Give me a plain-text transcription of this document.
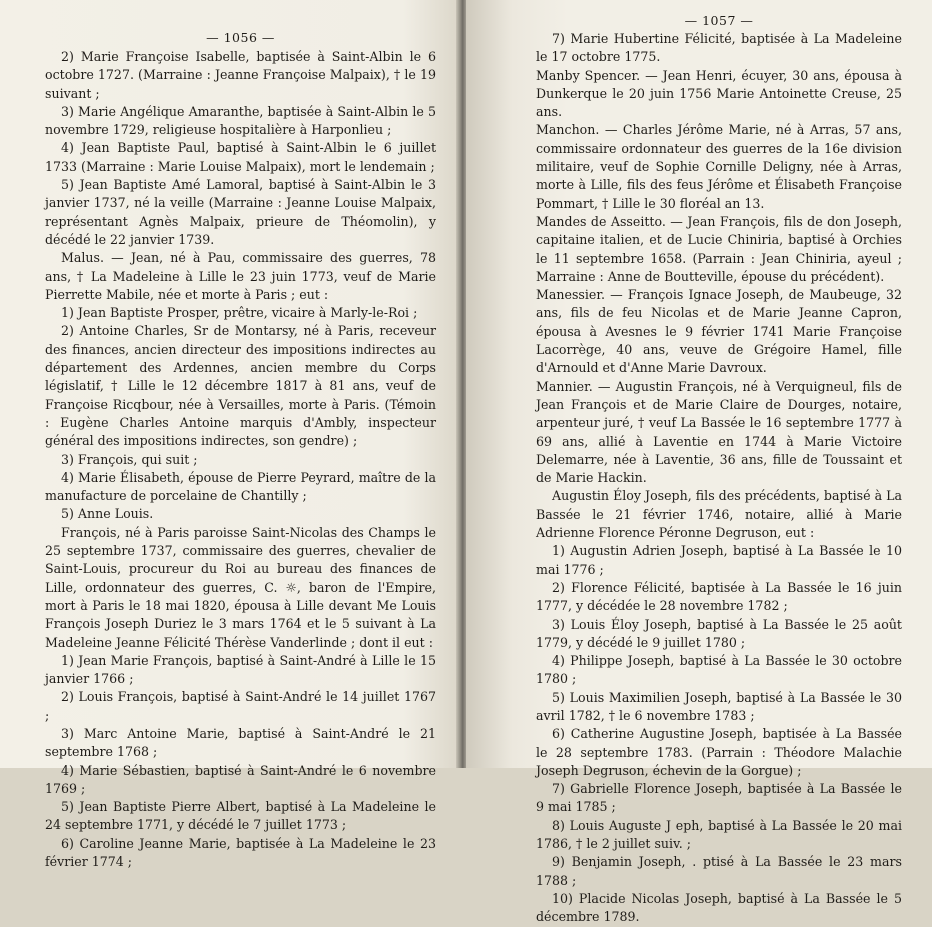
— 1056 —

2) Marie Françoise Isabelle, baptisée à Saint-Albin le 6 octobre 1727. (Marraine : Jeanne Françoise Malpaix), † le 19 suivant ;

3) Marie Angélique Amaranthe, baptisée à Saint-Albin le 5 novembre 1729, religieuse hospitalière à Harponlieu ;

4) Jean Baptiste Paul, baptisé à Saint-Albin le 6 juillet 1733 (Marraine : Marie Louise Malpaix), mort le lendemain ;

5) Jean Baptiste Amé Lamoral, baptisé à Saint-Albin le 3 janvier 1737, né la veille (Marraine : Jeanne Louise Malpaix, représentant Agnès Malpaix, prieure de Théomolin), y décédé le 22 janvier 1739.

Malus. — Jean, né à Pau, commissaire des guerres, 78 ans, † La Madeleine à Lille le 23 juin 1773, veuf de Marie Pierrette Mabile, née et morte à Paris ; eut :

1) Jean Baptiste Prosper, prêtre, vicaire à Marly-le-Roi ;

2) Antoine Charles, Sr de Montarsy, né à Paris, receveur des finances, ancien directeur des impositions indirectes au département des Ardennes, ancien membre du Corps législatif, † Lille le 12 décembre 1817 à 81 ans, veuf de Françoise Ricqbour, née à Versailles, morte à Paris. (Témoin : Eugène Charles Antoine marquis d'Ambly, inspecteur général des impositions indirectes, son gendre) ;

3) François, qui suit ;

4) Marie Élisabeth, épouse de Pierre Peyrard, maître de la manufacture de porcelaine de Chantilly ;

5) Anne Louis.

François, né à Paris paroisse Saint-Nicolas des Champs le 25 septembre 1737, commissaire des guerres, chevalier de Saint-Louis, procureur du Roi au bureau des finances de Lille, ordonnateur des guerres, C. ☼, baron de l'Empire, mort à Paris le 18 mai 1820, épousa à Lille devant Me Louis François Joseph Duriez le 3 mars 1764 et le 5 suivant à La Madeleine Jeanne Félicité Thérèse Vanderlinde ; dont il eut :

1) Jean Marie François, baptisé à Saint-André à Lille le 15 janvier 1766 ;

2) Louis François, baptisé à Saint-André le 14 juillet 1767 ;

3) Marc Antoine Marie, baptisé à Saint-André le 21 septembre 1768 ;

4) Marie Sébastien, baptisé à Saint-André le 6 novembre 1769 ;

5) Jean Baptiste Pierre Albert, baptisé à La Madeleine le 24 septembre 1771, y décédé le 7 juillet 1773 ;

6) Caroline Jeanne Marie, baptisée à La Madeleine le 23 février 1774 ;

— 1057 —

7) Marie Hubertine Félicité, baptisée à La Madeleine le 17 octobre 1775.

Manby Spencer. — Jean Henri, écuyer, 30 ans, épousa à Dunkerque le 20 juin 1756 Marie Antoinette Creuse, 25 ans.

Manchon. — Charles Jérôme Marie, né à Arras, 57 ans, commissaire ordonnateur des guerres de la 16e division militaire, veuf de Sophie Cornille Deligny, née à Arras, morte à Lille, fils des feus Jérôme et Élisabeth Françoise Pommart, † Lille le 30 floréal an 13.

Mandes de Asseitto. — Jean François, fils de don Joseph, capitaine italien, et de Lucie Chiniria, baptisé à Orchies le 11 septembre 1658. (Parrain : Jean Chiniria, ayeul ; Marraine : Anne de Boutteville, épouse du précédent).

Manessier. — François Ignace Joseph, de Maubeuge, 32 ans, fils de feu Nicolas et de Marie Jeanne Capron, épousa à Avesnes le 9 février 1741 Marie Françoise Lacorrège, 40 ans, veuve de Grégoire Hamel, fille d'Arnould et d'Anne Marie Davroux.

Mannier. — Augustin François, né à Verquigneul, fils de Jean François et de Marie Claire de Dourges, notaire, arpenteur juré, † veuf La Bassée le 16 septembre 1777 à 69 ans, allié à Laventie en 1744 à Marie Victoire Delemarre, née à Laventie, 36 ans, fille de Toussaint et de Marie Hackin.

Augustin Éloy Joseph, fils des précédents, baptisé à La Bassée le 21 février 1746, notaire, allié à Marie Adrienne Florence Péronne Degruson, eut :

1) Augustin Adrien Joseph, baptisé à La Bassée le 10 mai 1776 ;

2) Florence Félicité, baptisée à La Bassée le 16 juin 1777, y décédée le 28 novembre 1782 ;

3) Louis Éloy Joseph, baptisé à La Bassée le 25 août 1779, y décédé le 9 juillet 1780 ;

4) Philippe Joseph, baptisé à La Bassée le 30 octobre 1780 ;

5) Louis Maximilien Joseph, baptisé à La Bassée le 30 avril 1782, † le 6 novembre 1783 ;

6) Catherine Augustine Joseph, baptisée à La Bassée le 28 septembre 1783. (Parrain : Théodore Malachie Joseph Degruson, échevin de la Gorgue) ;

7) Gabrielle Florence Joseph, baptisée à La Bassée le 9 mai 1785 ;

8) Louis Auguste J eph, baptisé à La Bassée le 20 mai 1786, † le 2 juillet suiv. ;

9) Benjamin Joseph, . ptisé à La Bassée le 23 mars 1788 ;

10) Placide Nicolas Joseph, baptisé à La Bassée le 5 décembre 1789.
